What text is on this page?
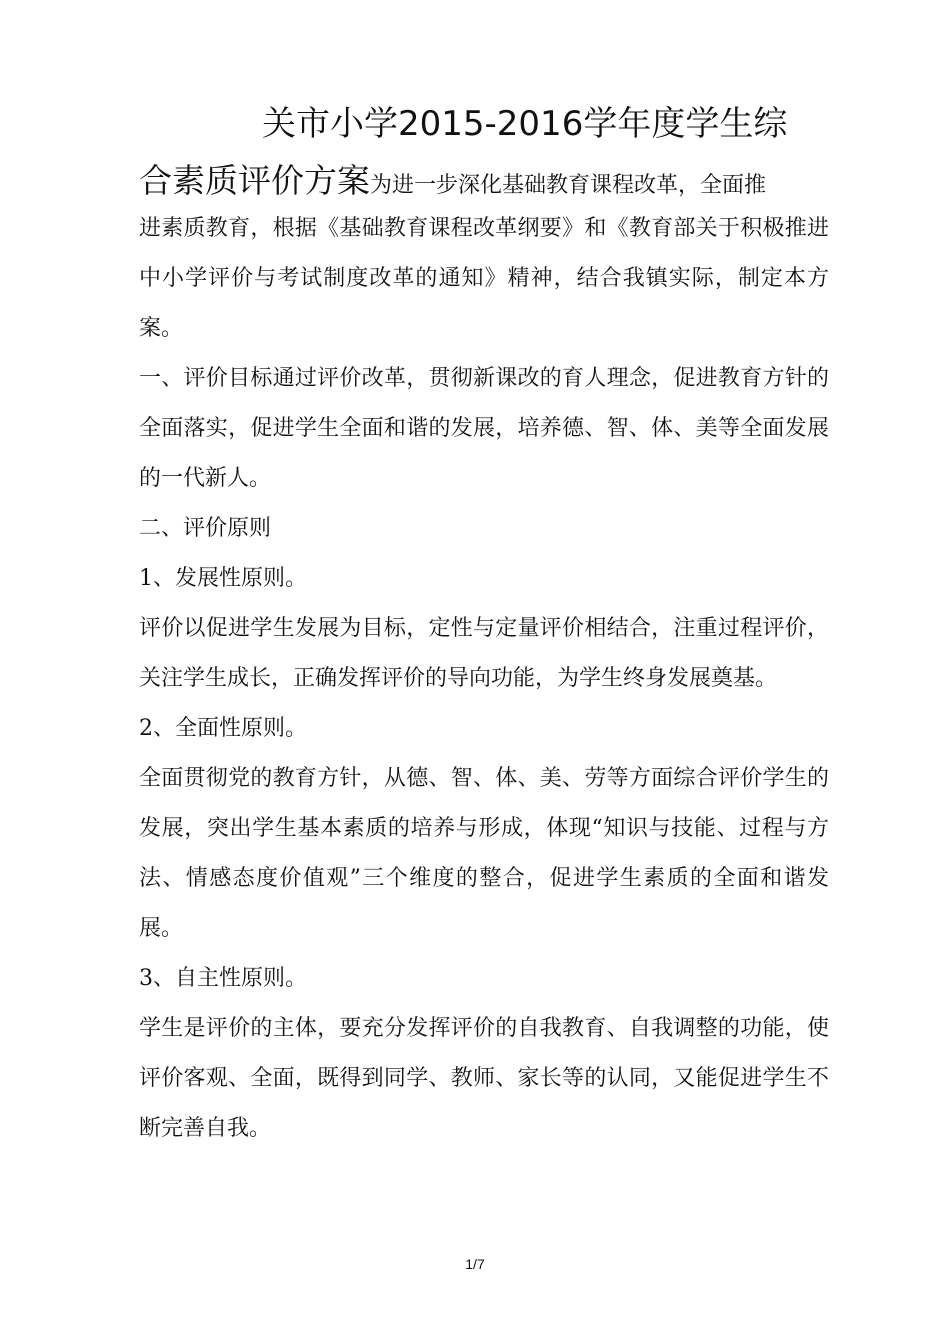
关市小学2015-2016学年度学生综
合素质评价方案为进一步深化基础教育课程改革，全面推

进素质教育，根据《基础教育课程改革纲要》和《教育部关于积极推进中小学评价与考试制度改革的通知》精神，结合我镇实际，制定本方案。

一、评价目标通过评价改革，贯彻新课改的育人理念，促进教育方针的全面落实，促进学生全面和谐的发展，培养德、智、体、美等全面发展的一代新人。

二、评价原则

1、发展性原则。

评价以促进学生发展为目标，定性与定量评价相结合，注重过程评价，关注学生成长，正确发挥评价的导向功能，为学生终身发展奠基。

2、全面性原则。

全面贯彻党的教育方针，从德、智、体、美、劳等方面综合评价学生的发展，突出学生基本素质的培养与形成，体现“知识与技能、过程与方法、情感态度价值观”三个维度的整合，促进学生素质的全面和谐发展。

3、自主性原则。

学生是评价的主体，要充分发挥评价的自我教育、自我调整的功能，使评价客观、全面，既得到同学、教师、家长等的认同，又能促进学生不断完善自我。

1/7
